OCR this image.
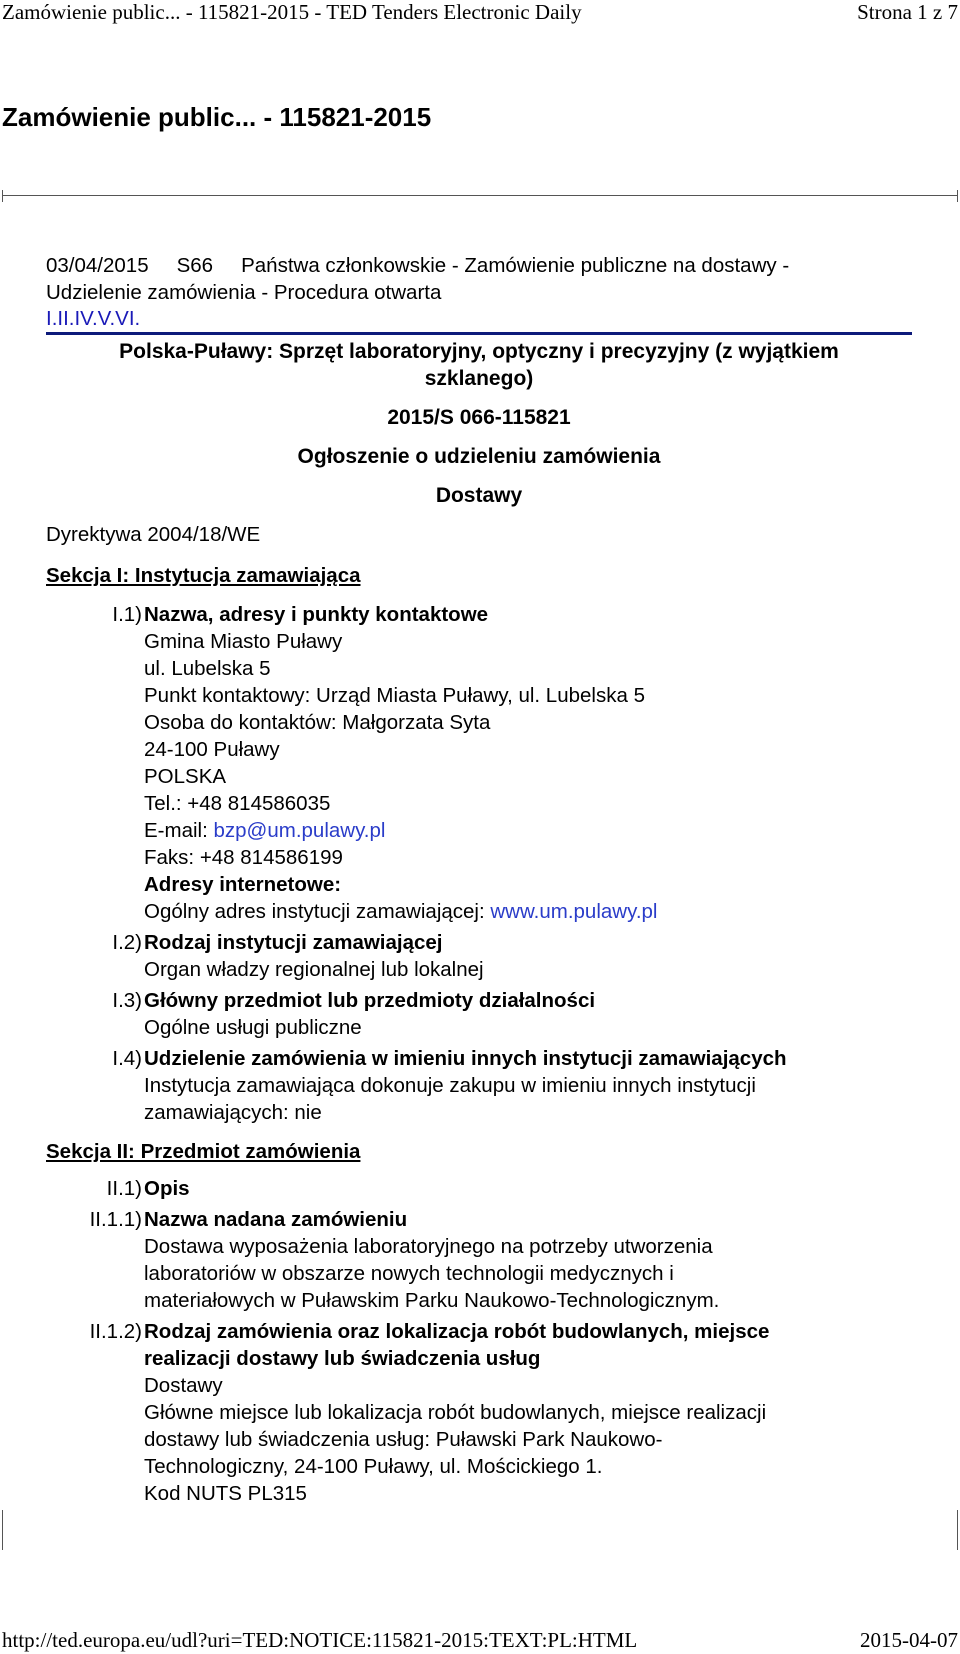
Zamówienie public... - 115821-2015 - TED Tenders Electronic Daily	Strona 1 z 7
Zamówienie public... - 115821-2015
03/04/2015 S66 Państwa członkowskie - Zamówienie publiczne na dostawy -
Udzielenie zamówienia - Procedura otwarta
I.II.IV.V.VI.
Polska-Puławy: Sprzęt laboratoryjny, optyczny i precyzyjny (z wyjątkiem
szklanego)
2015/S 066-115821
Ogłoszenie o udzieleniu zamówienia
Dostawy
Dyrektywa 2004/18/WE
Sekcja I: Instytucja zamawiająca
I.1) Nazwa, adresy i punkty kontaktowe
Gmina Miasto Puławy
ul. Lubelska 5
Punkt kontaktowy: Urząd Miasta Puławy, ul. Lubelska 5
Osoba do kontaktów: Małgorzata Syta
24-100 Puławy
POLSKA
Tel.: +48 814586035
E-mail: bzp@um.pulawy.pl
Faks: +48 814586199
Adresy internetowe:
Ogólny adres instytucji zamawiającej: www.um.pulawy.pl
I.2) Rodzaj instytucji zamawiającej
Organ władzy regionalnej lub lokalnej
I.3) Główny przedmiot lub przedmioty działalności
Ogólne usługi publiczne
I.4) Udzielenie zamówienia w imieniu innych instytucji zamawiających
Instytucja zamawiająca dokonuje zakupu w imieniu innych instytucji
zamawiających: nie
Sekcja II: Przedmiot zamówienia
II.1) Opis
II.1.1) Nazwa nadana zamówieniu
Dostawa wyposażenia laboratoryjnego na potrzeby utworzenia
laboratoriów w obszarze nowych technologii medycznych i
materiałowych w Puławskim Parku Naukowo-Technologicznym.
II.1.2) Rodzaj zamówienia oraz lokalizacja robót budowlanych, miejsce
realizacji dostawy lub świadczenia usług
Dostawy
Główne miejsce lub lokalizacja robót budowlanych, miejsce realizacji
dostawy lub świadczenia usług: Puławski Park Naukowo-
Technologiczny, 24-100 Puławy, ul. Mościckiego 1.
Kod NUTS PL315
http://ted.europa.eu/udl?uri=TED:NOTICE:115821-2015:TEXT:PL:HTML	2015-04-07
